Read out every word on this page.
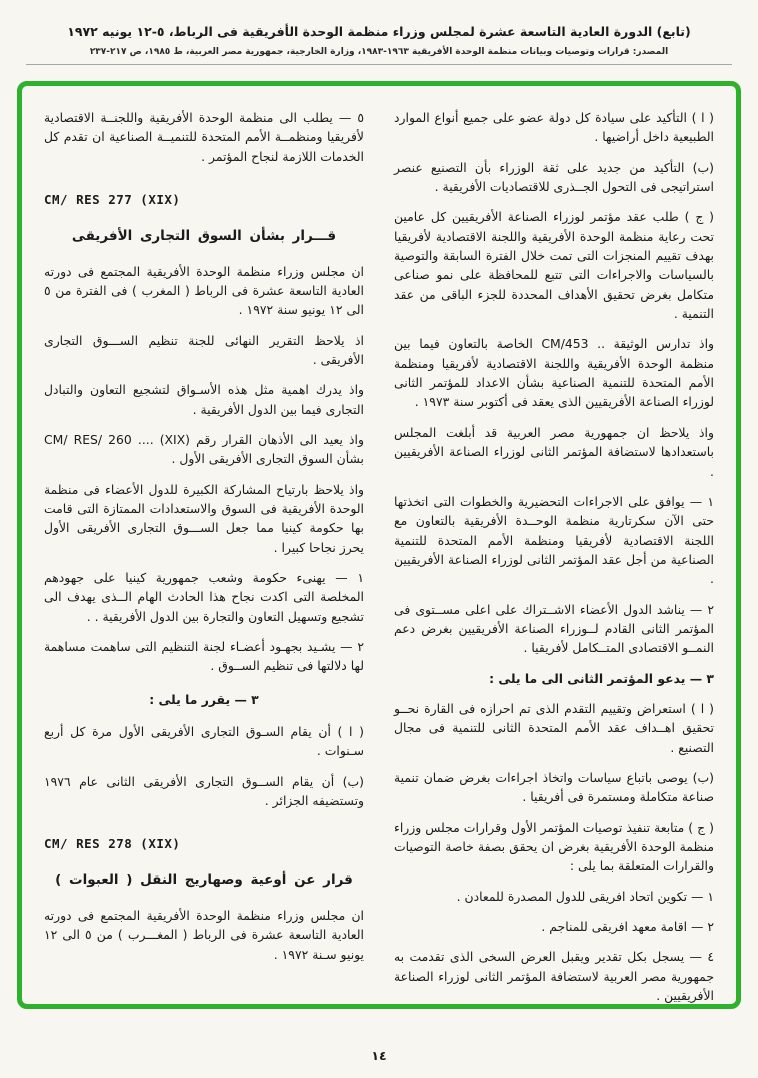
(تابع) الدورة العادية التاسعة عشرة لمجلس وزراء منظمة الوحدة الأفريقية فى الرباط، ٥-١٢ يونيه ١٩٧٢
المصدر: قرارات وتوصيات وبيانات منظمة الوحدة الأفريقية ١٩٦٣-١٩٨٣، وزارة الخارجية، جمهورية مصر العربية، ط ١٩٨٥، ص ٢١٧-٢٣٧

( ا ) التأكيد على سيادة كل دولة عضو على جميع أنواع الموارد الطبيعية داخل أراضيها .

(ب) التأكيد من جديد على ثقة الوزراء بأن التصنيع عنصر استراتيجى فى التحول الجــذرى للاقتصاديات الأفريقية .

( ج ) طلب عقد مؤتمر لوزراء الصناعة الأفريقيين كل عامين تحت رعاية منظمة الوحدة الأفريقية واللجنة الاقتصادية لأفريقيا بهدف تقييم المنجزات التى تمت خلال الفترة السابقة والتوصية بالسياسات والاجراءات التى تتبع للمحافظة على نمو صناعى متكامل بغرض تحقيق الأهداف المحددة للجزء الباقى من عقد التنمية .

واذ تدارس الوثيقة .. CM/453 الخاصة بالتعاون فيما بين منظمة الوحدة الأفريقية واللجنة الاقتصادية لأفريقيا ومنظمة الأمم المتحدة للتنمية الصناعية بشأن الاعداد للمؤتمر الثانى لوزراء الصناعة الأفريقيين الذى يعقد فى أكتوبر سنة ١٩٧٣ .

واذ يلاحظ ان جمهورية مصر العربية قد أبلغت المجلس باستعدادها لاستضافة المؤتمر الثانى لوزراء الصناعة الأفريقيين .

١ — يوافق على الاجراءات التحضيرية والخطوات التى اتخذتها حتى الآن سكرتارية منظمة الوحــدة الأفريقية بالتعاون مع اللجنة الاقتصادية لأفريقيا ومنظمة الأمم المتحدة للتنمية الصناعية من أجل عقد المؤتمر الثانى لوزراء الصناعة الأفريقيين .

٢ — يناشد الدول الأعضاء الاشــتراك على اعلى مســتوى فى المؤتمر الثانى القادم لــوزراء الصناعة الأفريقيين بغرض دعم النمــو الاقتصادى المتــكامل لأفريقيا .

٣ — يدعو المؤتمر الثانى الى ما يلى :

( ا ) استعراض وتقييم التقدم الذى تم احرازه فى القارة نحــو تحقيق اهــداف عقد الأمم المتحدة الثانى للتنمية فى مجال التصنيع .

(ب) يوصى باتباع سياسات واتخاذ اجراءات بغرض ضمان تنمية صناعة متكاملة ومستمرة فى أفريقيا .

( ج ) متابعة تنفيذ توصيات المؤتمر الأول وقرارات مجلس وزراء منظمة الوحدة الأفريقية بغرض ان يحقق بصفة خاصة التوصيات والقرارات المتعلقة بما يلى :

١ — تكوين اتحاد افريقى للدول المصدرة للمعادن .

٢ — اقامة معهد افريقى للمناجم .

٤ — يسجل بكل تقدير ويقبل العرض السخى الذى تقدمت به جمهورية مصر العربية لاستضافة المؤتمر الثانى لوزراء الصناعة الأفريقيين .

٥ — يطلب الى منظمة الوحدة الأفريقية واللجنــة الاقتصادية لأفريقيا ومنظمــة الأمم المتحدة للتنميــة الصناعية ان تقدم كل الخدمات اللازمة لنجاح المؤتمر .

CM/ RES 277 (XIX)

قـــرار بشأن السوق التجارى الأفريقى

ان مجلس وزراء منظمة الوحدة الأفريقية المجتمع فى دورته العادية التاسعة عشرة فى الرباط ( المغرب ) فى الفترة من ٥ الى ١٢ يونيو سنة ١٩٧٢ .

اذ يلاحظ التقرير النهائى للجنة تنظيم الســـوق التجارى الأفريقى .

واذ يدرك اهمية مثل هذه الأسـواق لتشجيع التعاون والتبادل التجارى فيما بين الدول الأفريقية .

واذ يعيد الى الأذهان القرار رقم CM/ RES/ 260 .... (XIX) بشأن السوق التجارى الأفريقى الأول .

واذ يلاحظ بارتياح المشاركة الكبيرة للدول الأعضاء فى منظمة الوحدة الأفريقية فى السوق والاستعدادات الممتازة التى قامت بها حكومة كينيا مما جعل الســـوق التجارى الأفريقى الأول يحرز نجاحا كبيرا .

١ — يهنىء حكومة وشعب جمهورية كينيا على جهودهم المخلصة التى اكدت نجاح هذا الحادث الهام الــذى يهدف الى تشجيع وتسهيل التعاون والتجارة بين الدول الأفريقية . .

٢ — يشـيد بجهـود أعضـاء لجنة التنظيم التى ساهمت مساهمة لها دلالتها فى تنظيم الســوق .

٣ — يقرر ما يلى :

( ا ) أن يقام السـوق التجارى الأفريقى الأول مرة كل أربع سـنوات .

(ب) أن يقام الســوق التجارى الأفريقى الثانى عام ١٩٧٦ وتستضيفه الجزائر .

CM/ RES 278 (XIX)

قرار عن أوعية وصهاريج النقل ( العبوات )

ان مجلس وزراء منظمة الوحدة الأفريقية المجتمع فى دورته العادية التاسعة عشرة فى الرباط ( المغـــرب ) من ٥ الى ١٢ يونيو سـنة ١٩٧٢ .

١٤
